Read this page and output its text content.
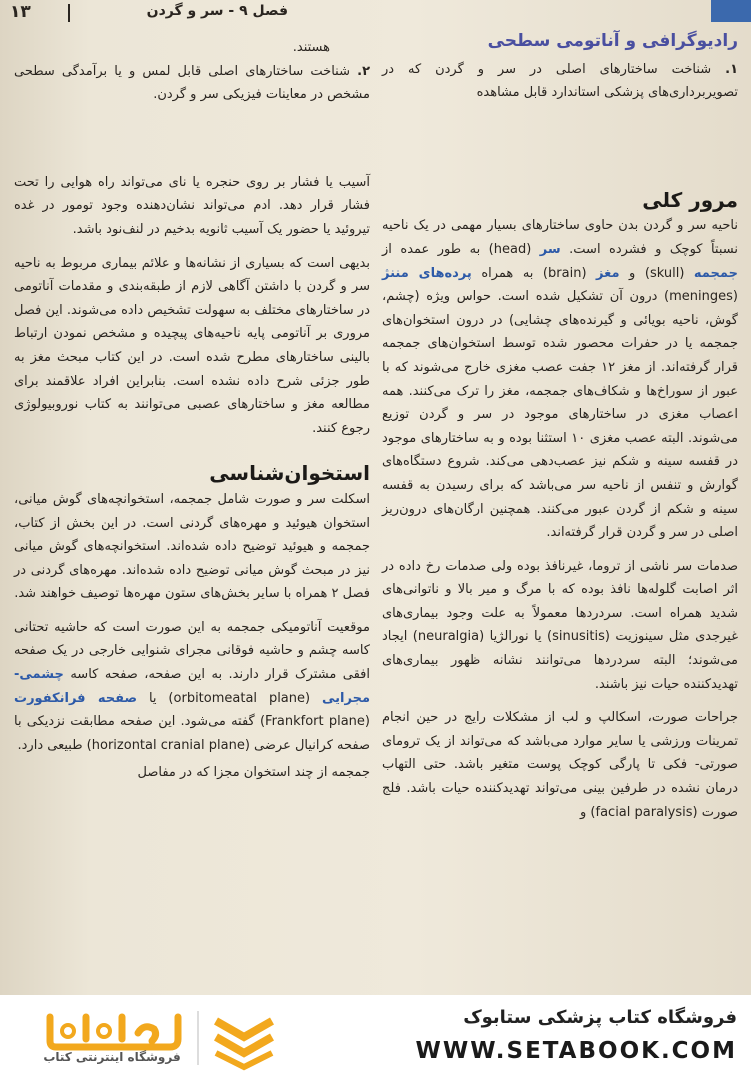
۱۳	فصل ۹ - سر و گردن

رادیوگرافی و آناتومی سطحی

۱. شناخت ساختارهای اصلی در سر و گردن که در تصویربرداری‌های پزشکی استاندارد قابل مشاهده

مرور کلی

ناحیه سر و گردن بدن حاوی ساختارهای بسیار مهمی در یک ناحیه نسبتاً کوچک و فشرده است. سر (head) به طور عمده از جمجمه (skull) و مغز (brain) به همراه پرده‌های مننژ (meninges) درون آن تشکیل شده است. حواس ویژه (چشم، گوش، ناحیه بویائی و گیرنده‌های چشایی) در درون استخوان‌های جمجمه یا در حفرات محصور شده توسط استخوان‌های جمجمه قرار گرفته‌اند. از مغز ۱۲ جفت عصب مغزی خارج می‌شوند که با عبور از سوراخ‌ها و شکاف‌های جمجمه، مغز را ترک می‌کنند. همه اعصاب مغزی در ساختارهای موجود در سر و گردن توزیع می‌شوند. البته عصب مغزی ۱۰ استثنا بوده و به ساختارهای موجود در قفسه سینه و شکم نیز عصب‌دهی می‌کند. شروع دستگاه‌های گوارش و تنفس از ناحیه سر می‌باشد که برای رسیدن به قفسه سینه و شکم از گردن عبور می‌کنند. همچنین ارگان‌های درون‌ریز اصلی در سر و گردن قرار گرفته‌اند.

صدمات سر ناشی از تروما، غیرنافذ بوده ولی صدمات رخ داده در اثر اصابت گلوله‌ها نافذ بوده که با مرگ و میر بالا و ناتوانی‌های شدید همراه است. سردردها معمولاً به علت وجود بیماری‌های غیرجدی مثل سینوزیت (sinusitis) یا نورالژیا (neuralgia) ایجاد می‌شوند؛ البته سردردها می‌توانند نشانه ظهور بیماری‌های تهدیدکننده حیات نیز باشند.

جراحات صورت، اسکالپ و لب از مشکلات رایج در حین انجام تمرینات ورزشی یا سایر موارد می‌باشد که می‌تواند از یک ترومای صورتی- فکی تا پارگی کوچک پوست متغیر باشد. حتی التهاب درمان نشده در طرفین بینی می‌تواند تهدیدکننده حیات باشد. فلج صورت (facial paralysis) و

هستند.

۲. شناخت ساختارهای اصلی قابل لمس و یا برآمدگی سطحی مشخص در معاینات فیزیکی سر و گردن.

آسیب یا فشار بر روی حنجره یا نای می‌تواند راه هوایی را تحت فشار قرار دهد. ادم می‌تواند نشان‌دهنده وجود تومور در غده تیروئید یا حضور یک آسیب ثانویه بدخیم در لنف‌نود باشد.

بدیهی است که بسیاری از نشانه‌ها و علائم بیماری مربوط به ناحیه سر و گردن با داشتن آگاهی لازم از طبقه‌بندی و مقدمات آناتومی در ساختارهای مختلف به سهولت تشخیص داده می‌شوند. این فصل مروری بر آناتومی پایه ناحیه‌های پیچیده و مشخص نمودن ارتباط بالینی ساختارهای مطرح شده است. در این کتاب مبحث مغز به طور جزئی شرح داده نشده است. بنابراین افراد علاقمند برای مطالعه مغز و ساختارهای عصبی می‌توانند به کتاب نوروبیولوژی رجوع کنند.

استخوان‌شناسی

اسکلت سر و صورت شامل جمجمه، استخوانچه‌های گوش میانی، استخوان هیوئید و مهره‌های گردنی است. در این بخش از کتاب، جمجمه و هیوئید توضیح داده شده‌اند. استخوانچه‌های گوش میانی نیز در مبحث گوش میانی توضیح داده شده‌اند. مهره‌های گردنی در فصل ۲ همراه با سایر بخش‌های ستون مهره‌ها توصیف خواهند شد.

موقعیت آناتومیکی جمجمه به این صورت است که حاشیه تحتانی کاسه چشم و حاشیه فوقانی مجرای شنوایی خارجی در یک صفحه افقی مشترک قرار دارند. به این صفحه، صفحه کاسه چشمی- مجرایی (orbitomeatal plane) یا صفحه فرانکفورت (Frankfort plane) گفته می‌شود. این صفحه مطابقت نزدیکی با صفحه کرانیال عرضی (horizontal cranial plane) طبیعی دارد.

جمجمه از چند استخوان مجزا که در مفاصل

فروشگاه اینترنتی کتاب
فروشگاه کتاب پزشکی ستابوک
WWW.SETABOOK.COM
